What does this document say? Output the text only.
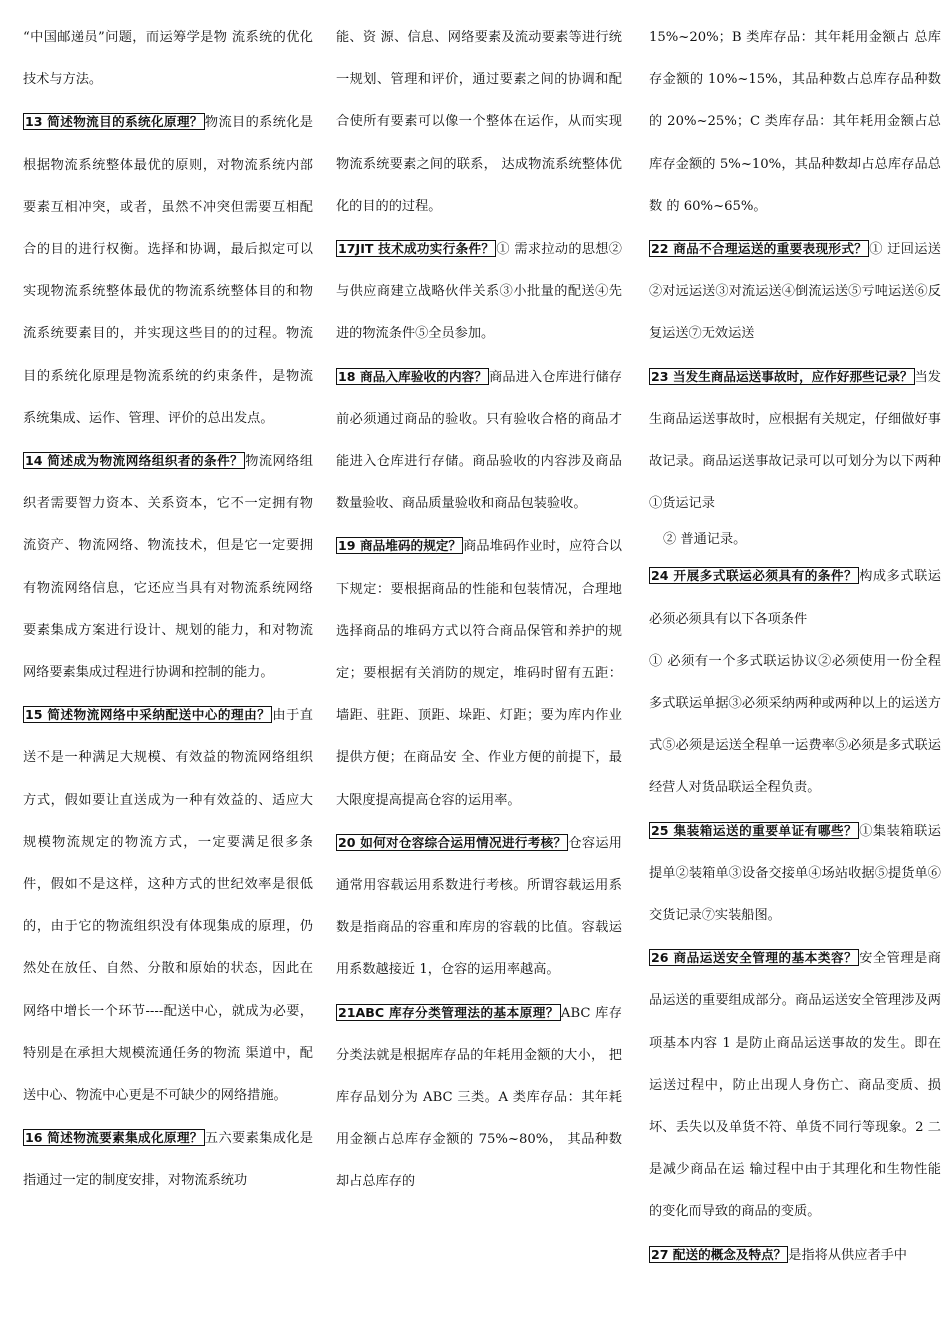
“中国邮递员”问题，而运筹学是物 流系统的优化技术与方法。

13 简述物流目的系统化原理？ 物流目的系统化是根据物流系统整体最优的原则，对物流系统内部 要素互相冲突，或者，虽然不冲突但需要互相配合的目的进行权衡。选择和协调，最后拟定可以实现物流系统整体最优的物流系统整体目的和物流系统要素目的，并实现这些目的的过程。物流目的系统化原理是物流系统的约束条件，是物流系统集成、运作、管理、评价的总出发点。

14 简述成为物流网络组织者的条件？ 物流网络组织者需要智力资本、关系资本，它不一定拥有物流资产、物流网络、物流技术，但是它一定要拥有物流网络信息，它还应当具有对物流系统网络要素集成方案进行设计、规划的能力，和对物流网络要素集成过程进行协调和控制的能力。

15 简述物流网络中采纳配送中心的理由？ 由于直送不是一种满足大规模、有效益的物流网络组织 方式，假如要让直送成为一种有效益的、适应大规模物流规定的物流方式，一定要满足很多条件，假如不是这样，这种方式的世纪效率是很低的，由于它的物流组织没有体现集成的原理，仍然处在放任、自然、分散和原始的状态，因此在网络中增长一个环节----配送中心，就成为必要，特别是在承担大规模流通任务的物流 渠道中，配送中心、物流中心更是不可缺少的网络措施。

16 简述物流要素集成化原理？ 五六要素集成化是指通过一定的制度安排，对物流系统功

能、资 源、信息、网络要素及流动要素等进行统一规划、管理和评价，通过要素之间的协调和配合使所有要素可以像一个整体在运作，从而实现物流系统要素之间的联系， 达成物流系统整体优化的目的的过程。

17JIT 技术成功实行条件？ ① 需求拉动的思想②与供应商建立战略伙伴关系③小批量的配送④先进的物流条件⑤全员参加。

18 商品入库验收的内容？ 商品进入仓库进行储存前必须通过商品的验收。只有验收合格的商品才能进入仓库进行存储。商品验收的内容涉及商品数量验收、商品质量验收和商品包装验收。

19 商品堆码的规定？ 商品堆码作业时，应符合以下规定：要根据商品的性能和包装情况，合理地 选择商品的堆码方式以符合商品保管和养护的规定；要根据有关消防的规定，堆码时留有五距：墙距、驻距、顶距、垛距、灯距；要为库内作业提供方便；在商品安 全、作业方便的前提下，最大限度提高提高仓容的运用率。

20 如何对仓容综合运用情况进行考核？ 仓容运用通常用容载运用系数进行考核。所谓容载运用系数是指商品的容重和库房的容载的比值。容载运用系数越接近 1，仓容的运用率越高。

21ABC 库存分类管理法的基本原理？ ABC 库存分类法就是根据库存品的年耗用金额的大小， 把库存品划分为 ABC 三类。A 类库存品：其年耗用金额占总库存金额的 75%~80%， 其品种数却占总库存的

15%~20%；B 类库存品：其年耗用金额占 总库存金额的 10%~15%，其品种数占总库存品种数的 20%~25%；C 类库存品：其年耗用金额占总库存金额的 5%~10%，其品种数却占总库存品总数 的 60%~65%。

22 商品不合理运送的重要表现形式？ ① 迂回运送②对远运送③对流运送④倒流运送⑤亏吨运送⑥反复运送⑦无效运送

23 当发生商品运送事故时，应作好那些记录？ 当发生商品运送事故时，应根据有关规定，仔细做好事故记录。商品运送事故记录可以可划分为以下两种①货运记录

② 普通记录。

24 开展多式联运必须具有的条件？ 构成多式联运必须必须具有以下各项条件

① 必须有一个多式联运协议②必须使用一份全程多式联运单据③必须采纳两种或两种以上的运送方式⑤必须是运送全程单一运费率⑤必须是多式联运经营人对货品联运全程负责。

25 集装箱运送的重要单证有哪些？ ①集装箱联运提单②装箱单③设备交接单④场站收据⑤提货单⑥交货记录⑦实装船图。

26 商品运送安全管理的基本类容？ 安全管理是商品运送的重要组成部分。商品运送安全管理涉及两项基本内容 1 是防止商品运送事故的发生。即在运送过程中，防止出现人身伤亡、商品变质、损坏、丢失以及单货不符、单货不同行等现象。2 二是减少商品在运 输过程中由于其理化和生物性能的变化而导致的商品的变质。

27 配送的概念及特点？ 是指将从供应者手中
